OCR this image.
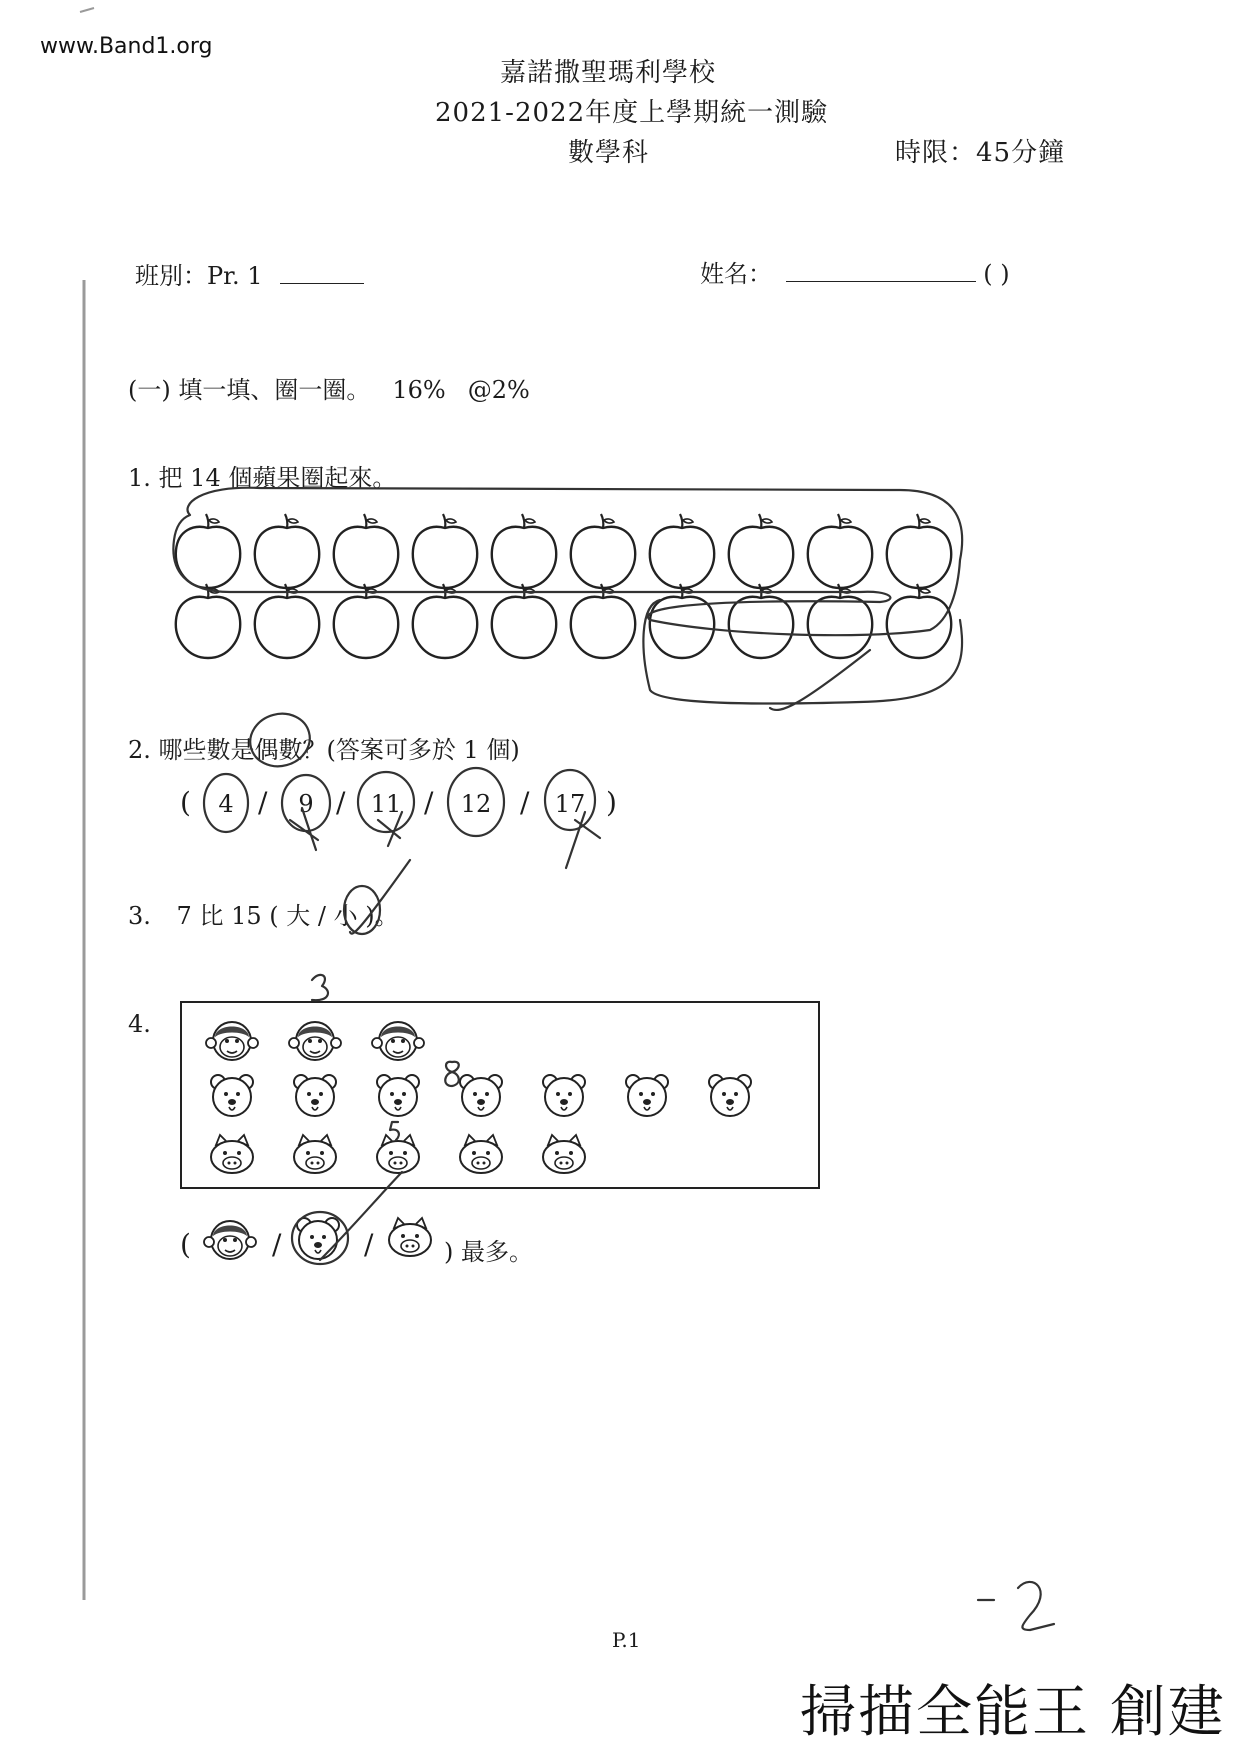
www.Band1.org
嘉諾撒聖瑪利學校
2021-2022年度上學期統一測驗
數學科	時限：45分鐘
班別：Pr. 1	姓名：	( )
(一) 填一填、圈一圈。 16% @2%
1. 把 14 個蘋果圈起來。
2. 哪些數是偶數？(答案可多於 1 個)
(	4 /	9 / 11 / 12 / 17 )
3. 7 比 15 ( 大 / 小 )。
4.
(	/	/	) 最多。
P.1
掃描全能王 創建
